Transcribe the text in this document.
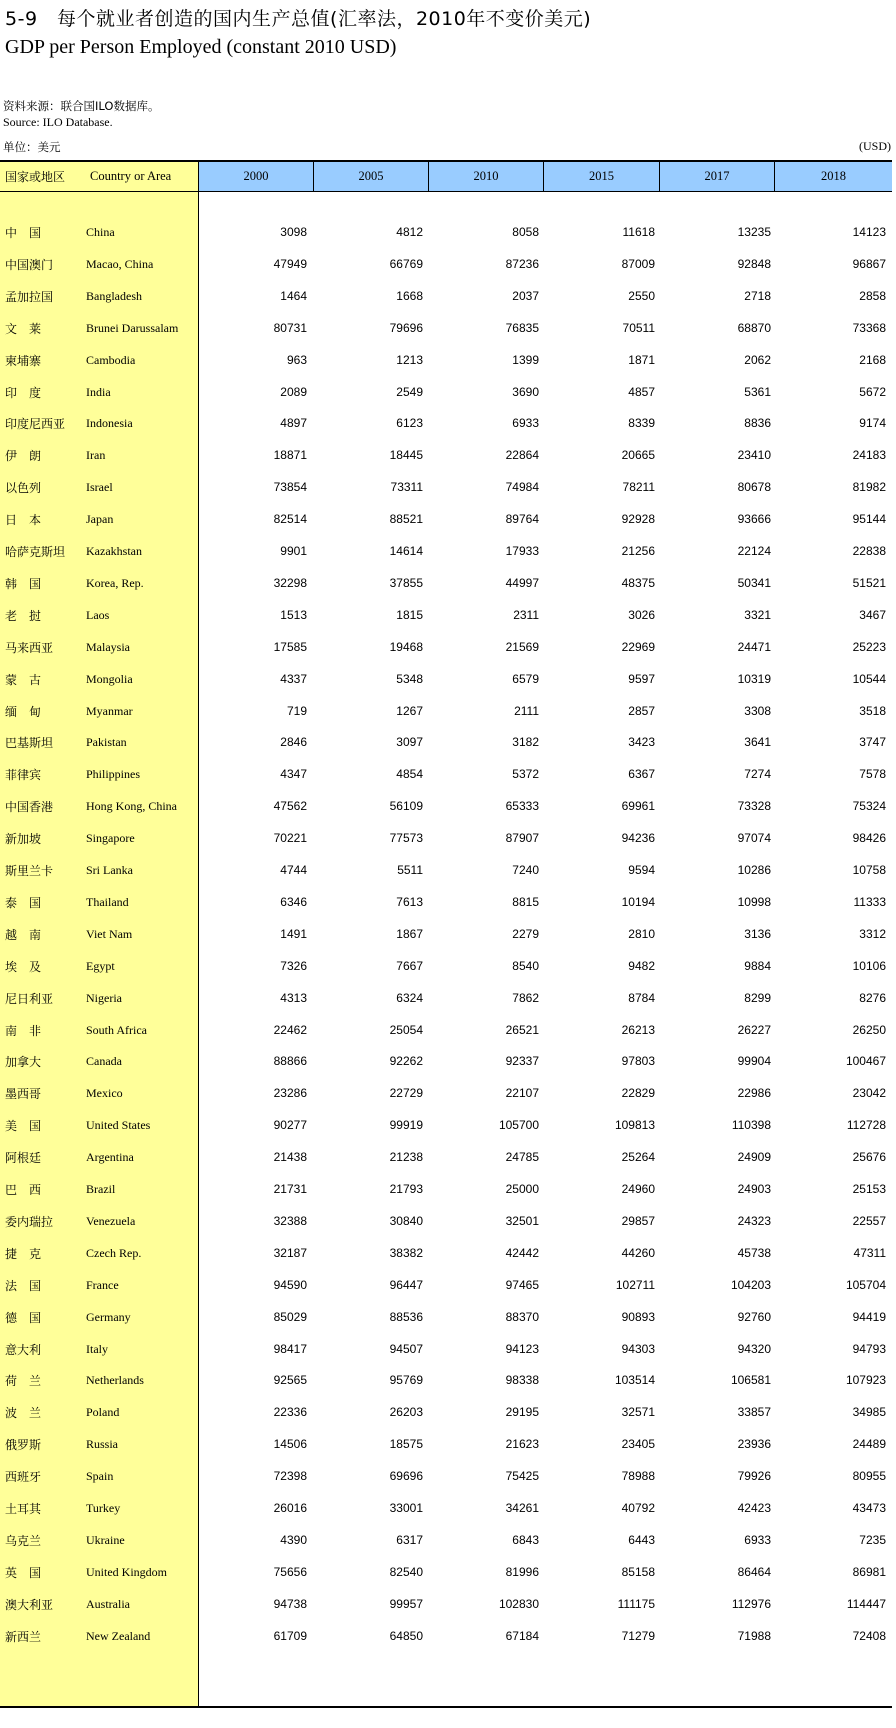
5-9　每个就业者创造的国内生产总值(汇率法，2010年不变价美元)
GDP per Person Employed (constant 2010 USD)
资料来源：联合国ILO数据库。
Source: ILO Database.
单位：美元	(USD)
国家或地区	Country or Area	2000	2005	2010	2015	2017	2018
中　国	China	3098	4812	8058	11618	13235	14123
中国澳门	Macao, China	47949	66769	87236	87009	92848	96867
孟加拉国	Bangladesh	1464	1668	2037	2550	2718	2858
文　莱	Brunei Darussalam	80731	79696	76835	70511	68870	73368
柬埔寨	Cambodia	963	1213	1399	1871	2062	2168
印　度	India	2089	2549	3690	4857	5361	5672
印度尼西亚 Indonesia	4897	6123	6933	8339	8836	9174
伊　朗	Iran	18871	18445	22864	20665	23410	24183
以色列	Israel	73854	73311	74984	78211	80678	81982
日　本	Japan	82514	88521	89764	92928	93666	95144
哈萨克斯坦 Kazakhstan	9901	14614	17933	21256	22124	22838
韩　国	Korea, Rep.	32298	37855	44997	48375	50341	51521
老　挝	Laos	1513	1815	2311	3026	3321	3467
马来西亚	Malaysia	17585	19468	21569	22969	24471	25223
蒙　古	Mongolia	4337	5348	6579	9597	10319	10544
缅　甸	Myanmar	719	1267	2111	2857	3308	3518
巴基斯坦	Pakistan	2846	3097	3182	3423	3641	3747
菲律宾	Philippines	4347	4854	5372	6367	7274	7578
中国香港	Hong Kong, China	47562	56109	65333	69961	73328	75324
新加坡	Singapore	70221	77573	87907	94236	97074	98426
斯里兰卡	Sri Lanka	4744	5511	7240	9594	10286	10758
泰　国	Thailand	6346	7613	8815	10194	10998	11333
越　南	Viet Nam	1491	1867	2279	2810	3136	3312
埃　及	Egypt	7326	7667	8540	9482	9884	10106
尼日利亚	Nigeria	4313	6324	7862	8784	8299	8276
南　非	South Africa	22462	25054	26521	26213	26227	26250
加拿大	Canada	88866	92262	92337	97803	99904	100467
墨西哥	Mexico	23286	22729	22107	22829	22986	23042
美　国	United States	90277	99919	105700	109813	110398	112728
阿根廷	Argentina	21438	21238	24785	25264	24909	25676
巴　西	Brazil	21731	21793	25000	24960	24903	25153
委内瑞拉	Venezuela	32388	30840	32501	29857	24323	22557
捷　克	Czech Rep.	32187	38382	42442	44260	45738	47311
法　国	France	94590	96447	97465	102711	104203	105704
德　国	Germany	85029	88536	88370	90893	92760	94419
意大利	Italy	98417	94507	94123	94303	94320	94793
荷　兰	Netherlands	92565	95769	98338	103514	106581	107923
波　兰	Poland	22336	26203	29195	32571	33857	34985
俄罗斯	Russia	14506	18575	21623	23405	23936	24489
西班牙	Spain	72398	69696	75425	78988	79926	80955
土耳其	Turkey	26016	33001	34261	40792	42423	43473
乌克兰	Ukraine	4390	6317	6843	6443	6933	7235
英　国	United Kingdom	75656	82540	81996	85158	86464	86981
澳大利亚	Australia	94738	99957	102830	111175	112976	114447
新西兰	New Zealand	61709	64850	67184	71279	71988	72408
